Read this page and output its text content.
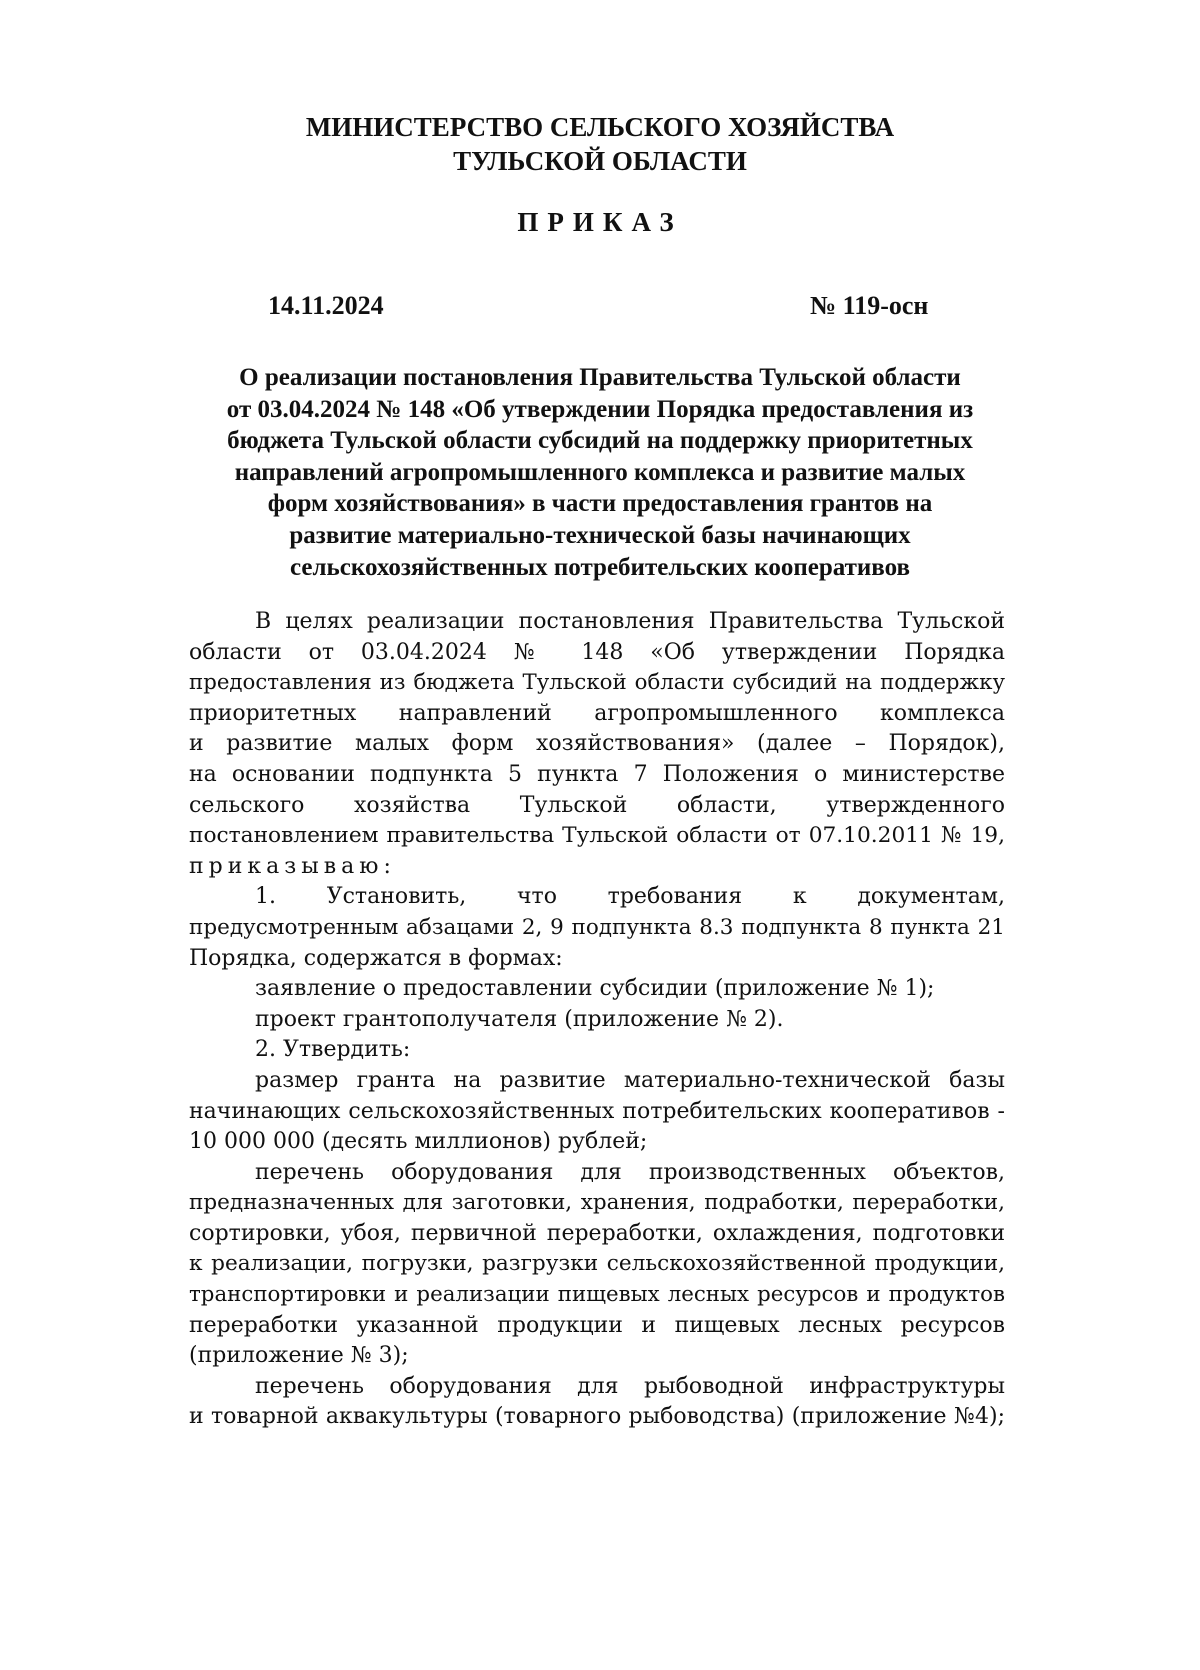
МИНИСТЕРСТВО СЕЛЬСКОГО ХОЗЯЙСТВА
ТУЛЬСКОЙ ОБЛАСТИ
ПРИКАЗ
14.11.2024	№ 119-осн
О реализации постановления Правительства Тульской области
от 03.04.2024 № 148 «Об утверждении Порядка предоставления из
бюджета Тульской области субсидий на поддержку приоритетных
направлений агропромышленного комплекса и развитие малых
форм хозяйствования» в части предоставления грантов на
развитие материально-технической базы начинающих
сельскохозяйственных потребительских кооперативов
В целях реализации постановления Правительства Тульской
области от 03.04.2024 № 148 «Об утверждении Порядка
предоставления из бюджета Тульской области субсидий на поддержку
приоритетных направлений агропромышленного комплекса
и развитие малых форм хозяйствования» (далее – Порядок),
на основании подпункта 5 пункта 7 Положения о министерстве
сельского хозяйства Тульской области, утвержденного
постановлением правительства Тульской области от 07.10.2011 № 19,
приказываю:
1. Установить, что требования к документам,
предусмотренным абзацами 2, 9 подпункта 8.3 подпункта 8 пункта 21
Порядка, содержатся в формах:
заявление о предоставлении субсидии (приложение № 1);
проект грантополучателя (приложение № 2).
2. Утвердить:
размер гранта на развитие материально-технической базы
начинающих сельскохозяйственных потребительских кооперативов -
10 000 000 (десять миллионов) рублей;
перечень оборудования для производственных объектов,
предназначенных для заготовки, хранения, подработки, переработки,
сортировки, убоя, первичной переработки, охлаждения, подготовки
к реализации, погрузки, разгрузки сельскохозяйственной продукции,
транспортировки и реализации пищевых лесных ресурсов и продуктов
переработки указанной продукции и пищевых лесных ресурсов
(приложение № 3);
перечень оборудования для рыбоводной инфраструктуры
и товарной аквакультуры (товарного рыбоводства) (приложение №4);
